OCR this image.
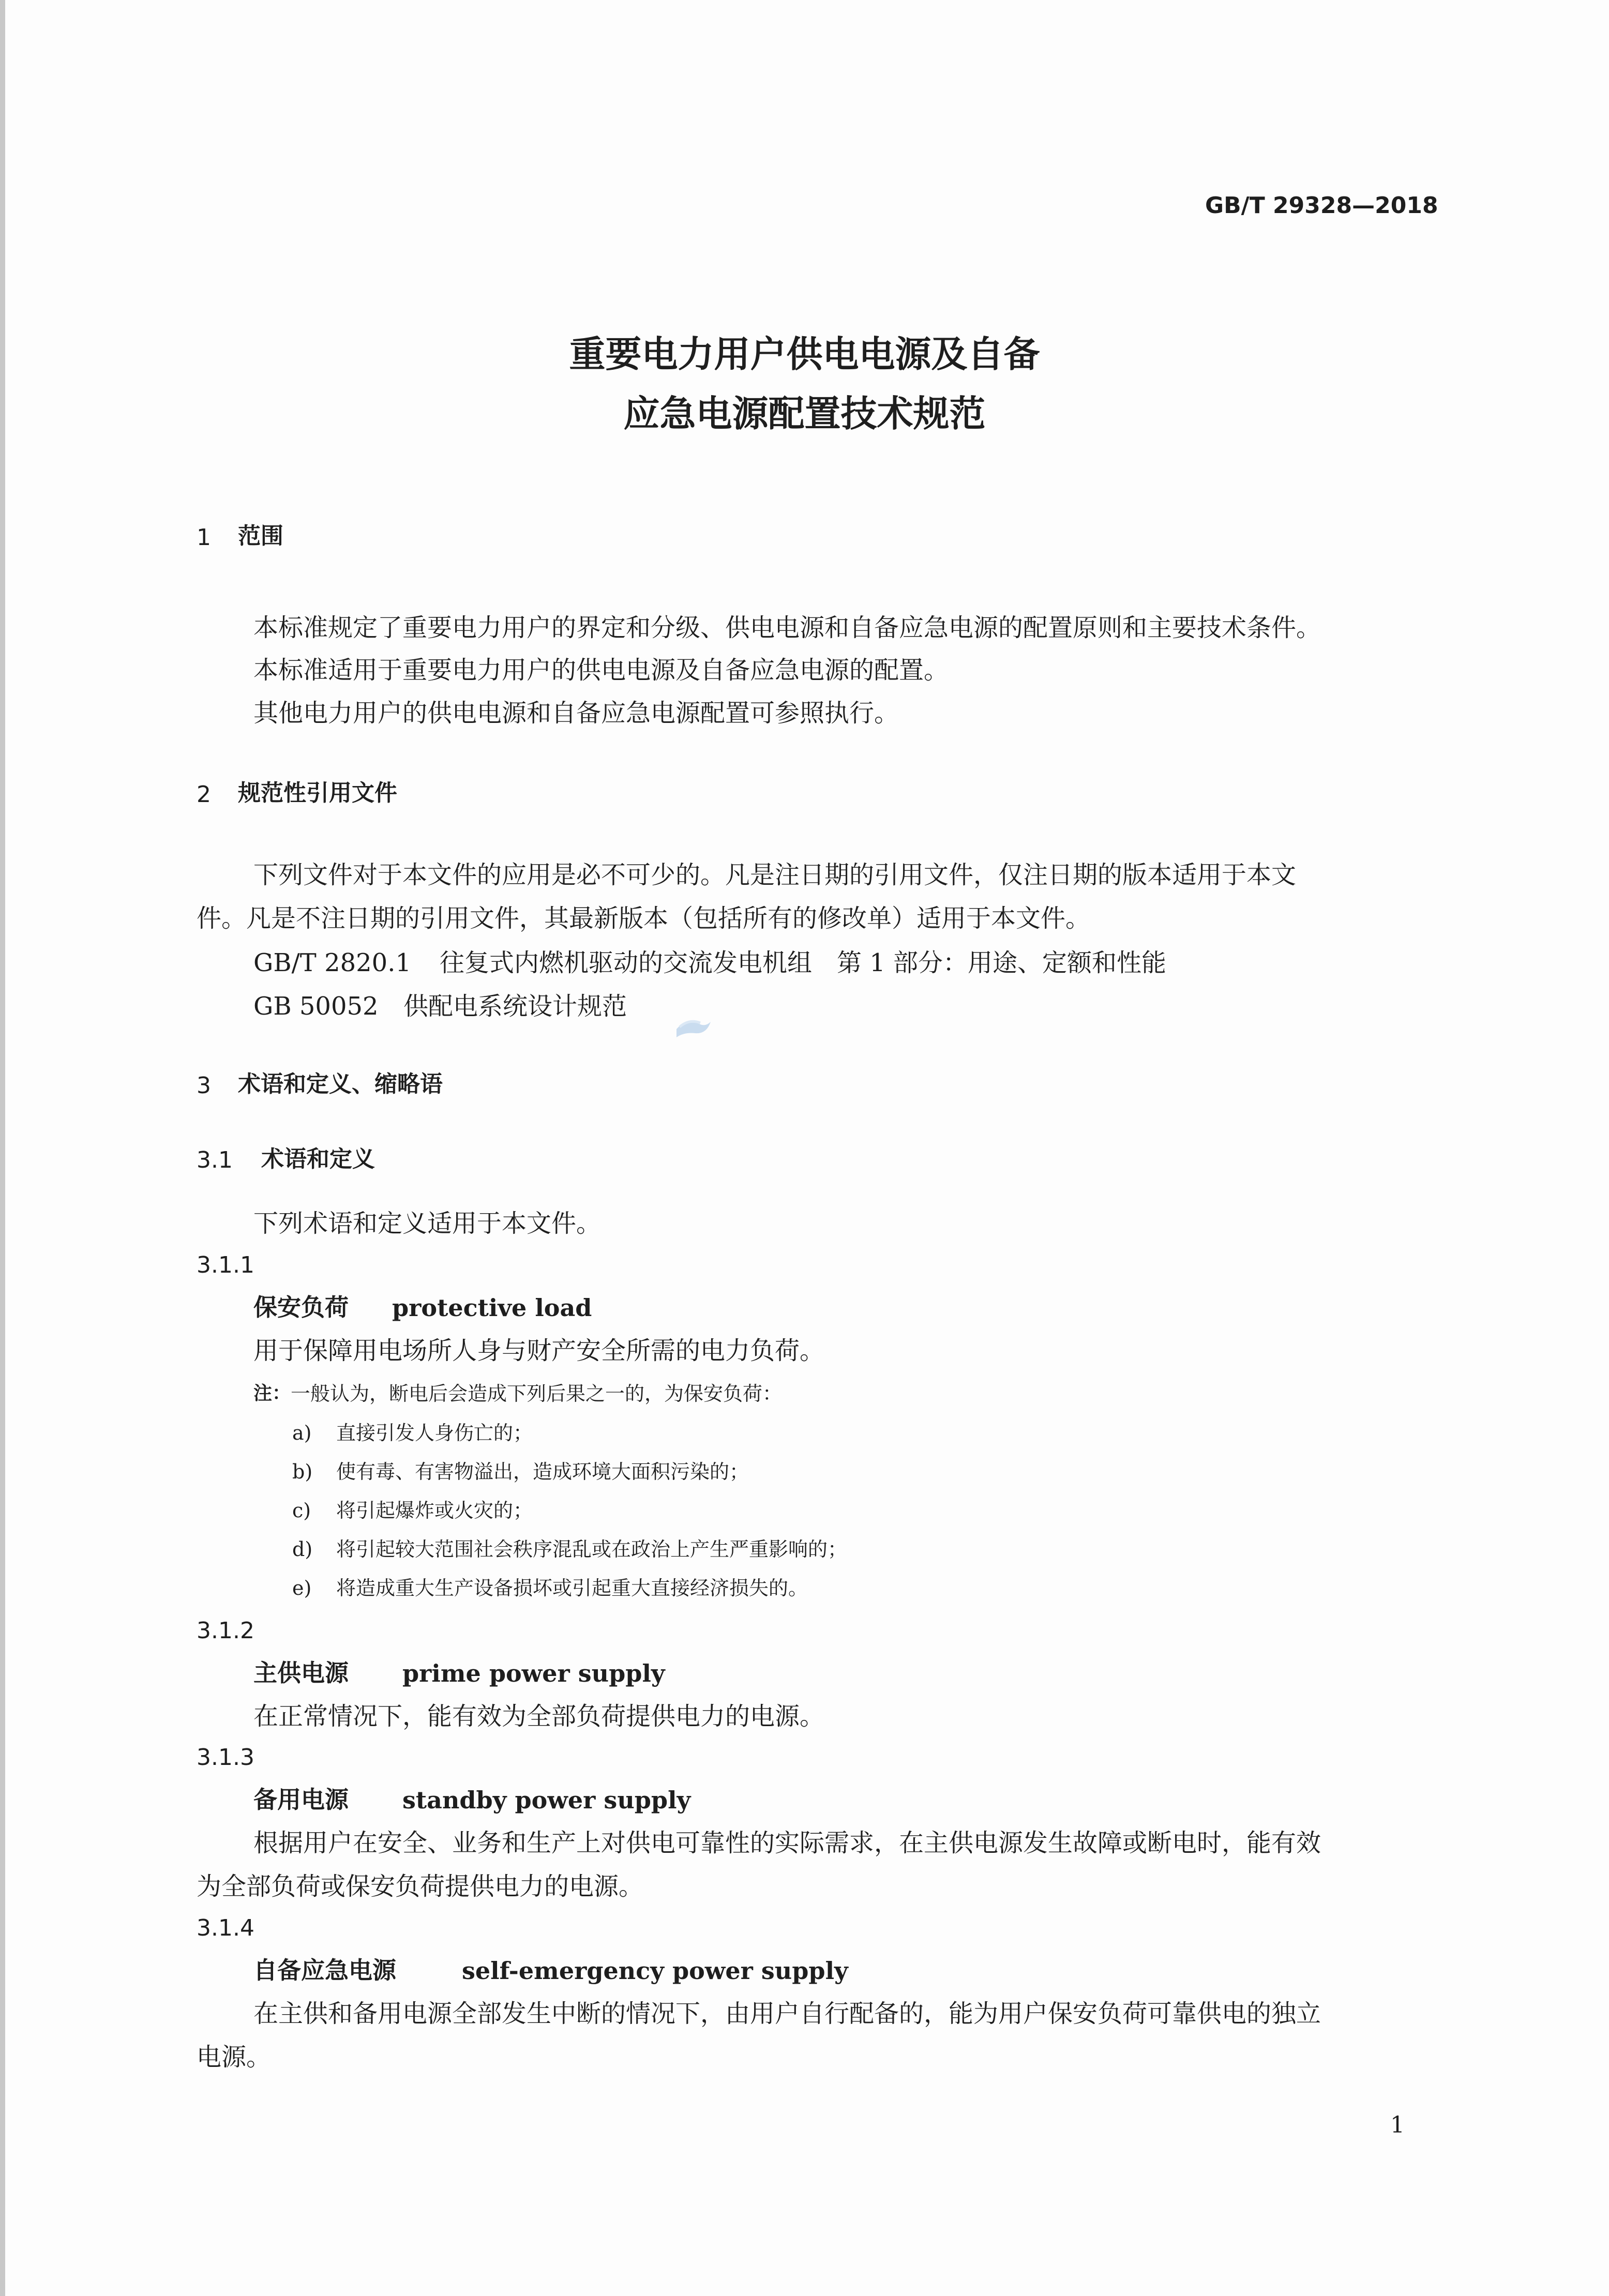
GB/T 29328—2018
重要电力用户供电电源及自备
应急电源配置技术规范
1 范围
本标准规定了重要电力用户的界定和分级、供电电源和自备应急电源的配置原则和主要技术条件。
本标准适用于重要电力用户的供电电源及自备应急电源的配置。
其他电力用户的供电电源和自备应急电源配置可参照执行。
2 规范性引用文件
下列文件对于本文件的应用是必不可少的。凡是注日期的引用文件，仅注日期的版本适用于本文
件。凡是不注日期的引用文件，其最新版本（包括所有的修改单）适用于本文件。
GB/T 2820.1 往复式内燃机驱动的交流发电机组　第 1 部分：用途、定额和性能
GB 50052 供配电系统设计规范
3 术语和定义、缩略语
3.1 术语和定义
下列术语和定义适用于本文件。
3.1.1
保安负荷 protective load
用于保障用电场所人身与财产安全所需的电力负荷。
注： 一般认为，断电后会造成下列后果之一的，为保安负荷：
a) 直接引发人身伤亡的；
b) 使有毒、有害物溢出，造成环境大面积污染的；
c) 将引起爆炸或火灾的；
d) 将引起较大范围社会秩序混乱或在政治上产生严重影响的；
e) 将造成重大生产设备损坏或引起重大直接经济损失的。
3.1.2
主供电源 prime power supply
在正常情况下，能有效为全部负荷提供电力的电源。
3.1.3
备用电源 standby power supply
根据用户在安全、业务和生产上对供电可靠性的实际需求，在主供电源发生故障或断电时，能有效
为全部负荷或保安负荷提供电力的电源。
3.1.4
自备应急电源	self-emergency power supply
在主供和备用电源全部发生中断的情况下，由用户自行配备的，能为用户保安负荷可靠供电的独立
电源。
1
